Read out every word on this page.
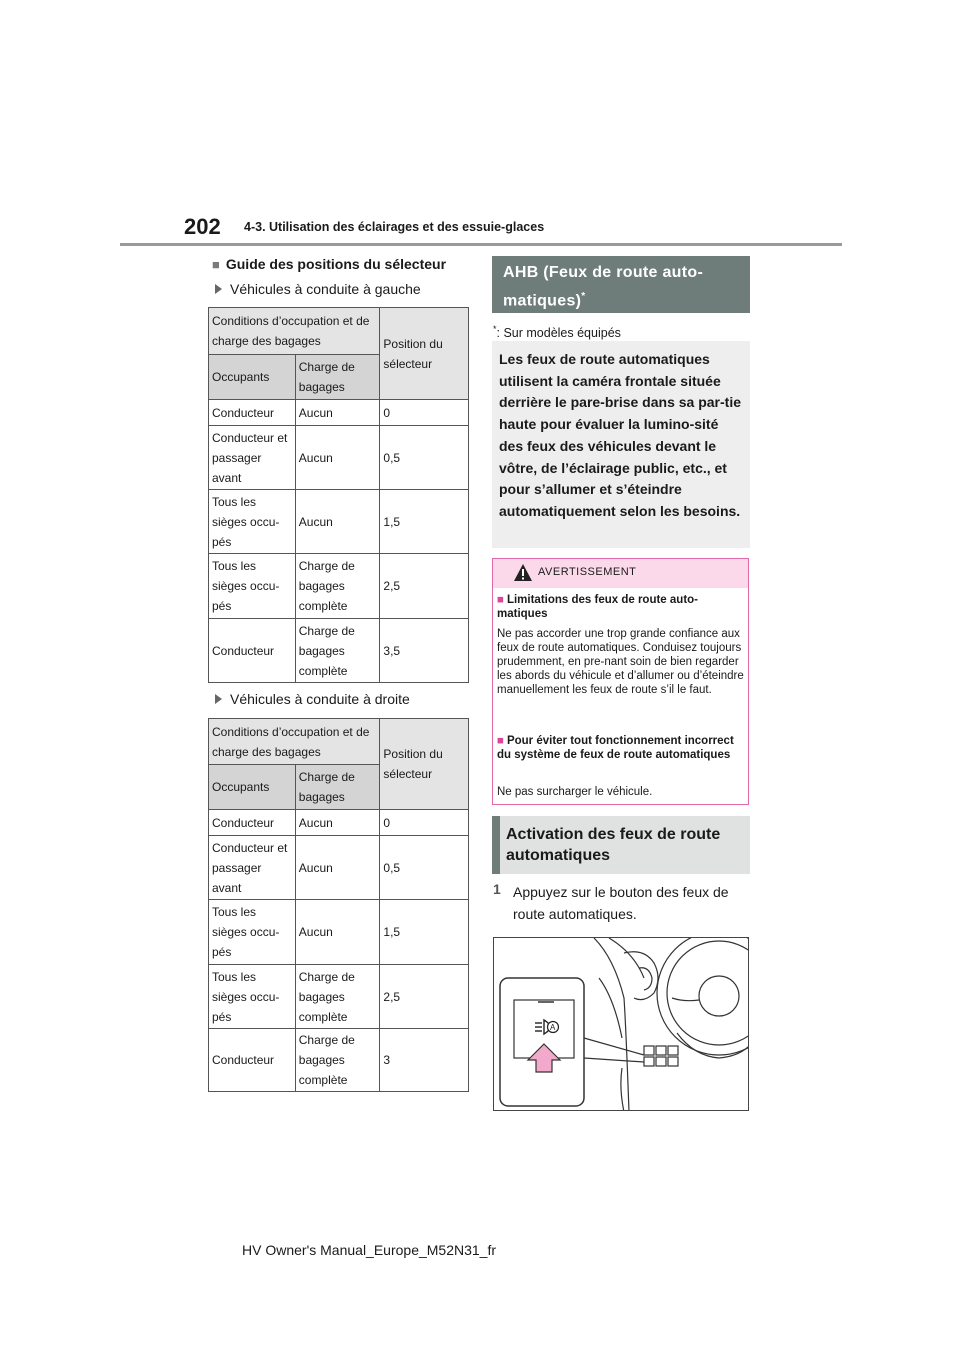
202 4-3. Utilisation des éclairages et des essuie-glaces
■ Guide des positions du sélecteur
Véhicules à conduite à gauche
Conditions d’occupation et de charge des bagages		Position du sélecteur
Occupants	Charge de bagages	
Conducteur	Aucun	0
Conducteur et passager avant	Aucun	0,5
Tous les sièges occu-pés	Aucun	1,5
Tous les sièges occu-pés	Charge de bagages complète	2,5
Conducteur	Charge de bagages complète	3,5
Véhicules à conduite à droite
Conditions d’occupation et de charge des bagages		Position du sélecteur
Occupants	Charge de bagages	
Conducteur	Aucun	0
Conducteur et passager avant	Aucun	0,5
Tous les sièges occu-pés	Aucun	1,5
Tous les sièges occu-pés	Charge de bagages complète	2,5
Conducteur	Charge de bagages complète	3
AHB (Feux de route auto-matiques)*
*: Sur modèles équipés

Les feux de route automatiques utilisent la caméra frontale située derrière le pare-brise dans sa par-tie haute pour évaluer la lumino-sité des feux des véhicules devant le vôtre, de l’éclairage public, etc., et pour s’allumer et s’éteindre automatiquement selon les besoins.

AVERTISSEMENT
■ Limitations des feux de route auto-matiques
Ne pas accorder une trop grande confiance aux feux de route automatiques. Conduisez toujours prudemment, en pre-nant soin de bien regarder les abords du véhicule et d’allumer ou d’éteindre manuellement les feux de route s’il le faut.
■ Pour éviter tout fonctionnement incorrect du système de feux de route automatiques
Ne pas surcharger le véhicule.
Activation des feux de route automatiques
1 Appuyez sur le bouton des feux de route automatiques.
A
HV Owner's Manual_Europe_M52N31_fr
